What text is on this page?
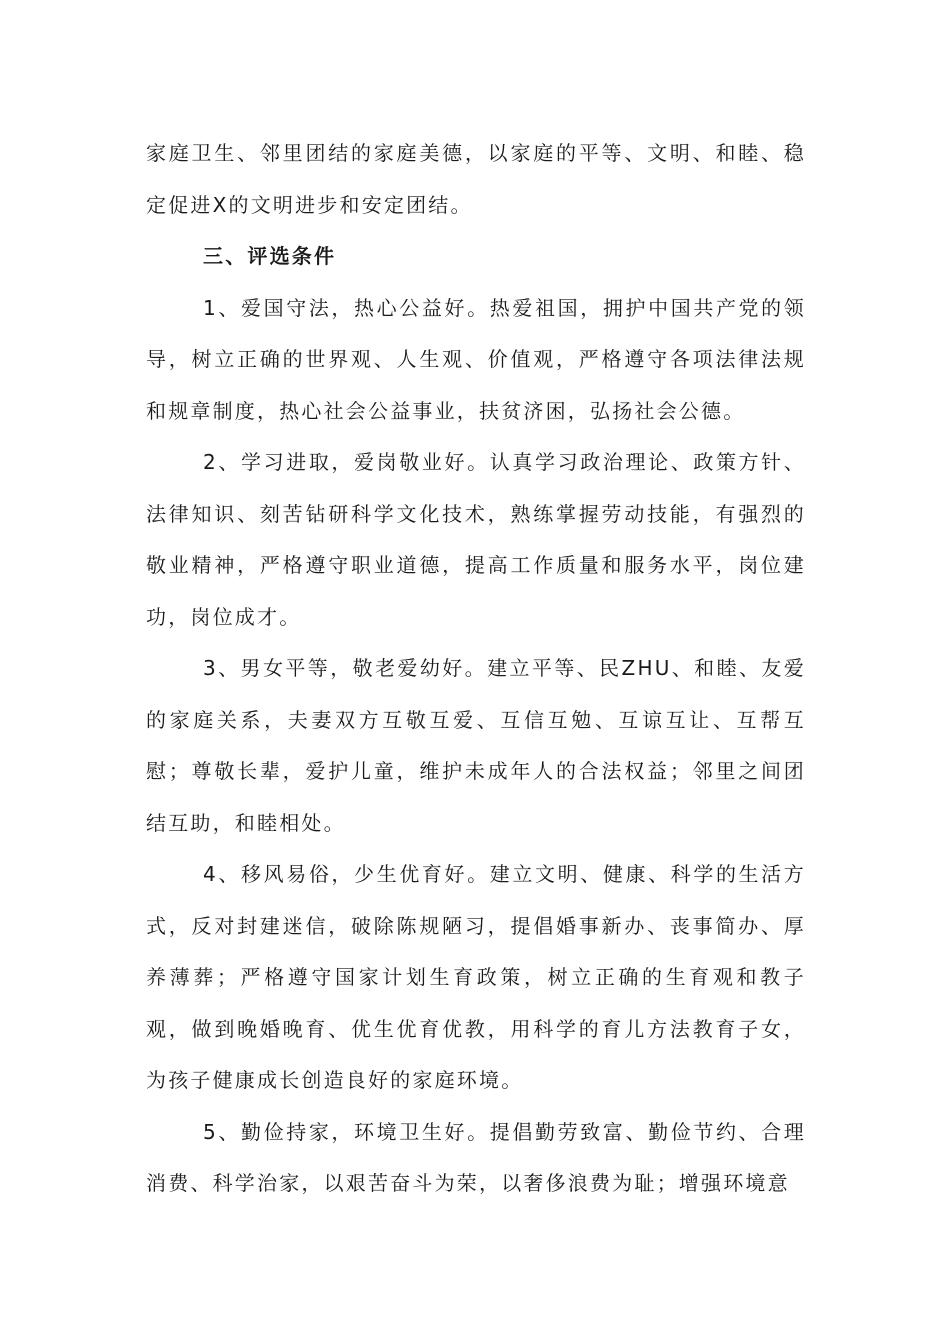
家庭卫生、邻里团结的家庭美德，以家庭的平等、文明、和睦、稳定促进X的文明进步和安定团结。

三、评选条件

1、爱国守法，热心公益好。热爱祖国，拥护中国共产党的领导，树立正确的世界观、人生观、价值观，严格遵守各项法律法规和规章制度，热心社会公益事业，扶贫济困，弘扬社会公德。

2、学习进取，爱岗敬业好。认真学习政治理论、政策方针、法律知识、刻苦钻研科学文化技术，熟练掌握劳动技能，有强烈的敬业精神，严格遵守职业道德，提高工作质量和服务水平，岗位建功，岗位成才。

3、男女平等，敬老爱幼好。建立平等、民ZHU、和睦、友爱的家庭关系，夫妻双方互敬互爱、互信互勉、互谅互让、互帮互慰；尊敬长辈，爱护儿童，维护未成年人的合法权益；邻里之间团结互助，和睦相处。

4、移风易俗，少生优育好。建立文明、健康、科学的生活方式，反对封建迷信，破除陈规陋习，提倡婚事新办、丧事简办、厚养薄葬；严格遵守国家计划生育政策，树立正确的生育观和教子观，做到晚婚晚育、优生优育优教，用科学的育儿方法教育子女，为孩子健康成长创造良好的家庭环境。

5、勤俭持家，环境卫生好。提倡勤劳致富、勤俭节约、合理消费、科学治家，以艰苦奋斗为荣，以奢侈浪费为耻；增强环境意
